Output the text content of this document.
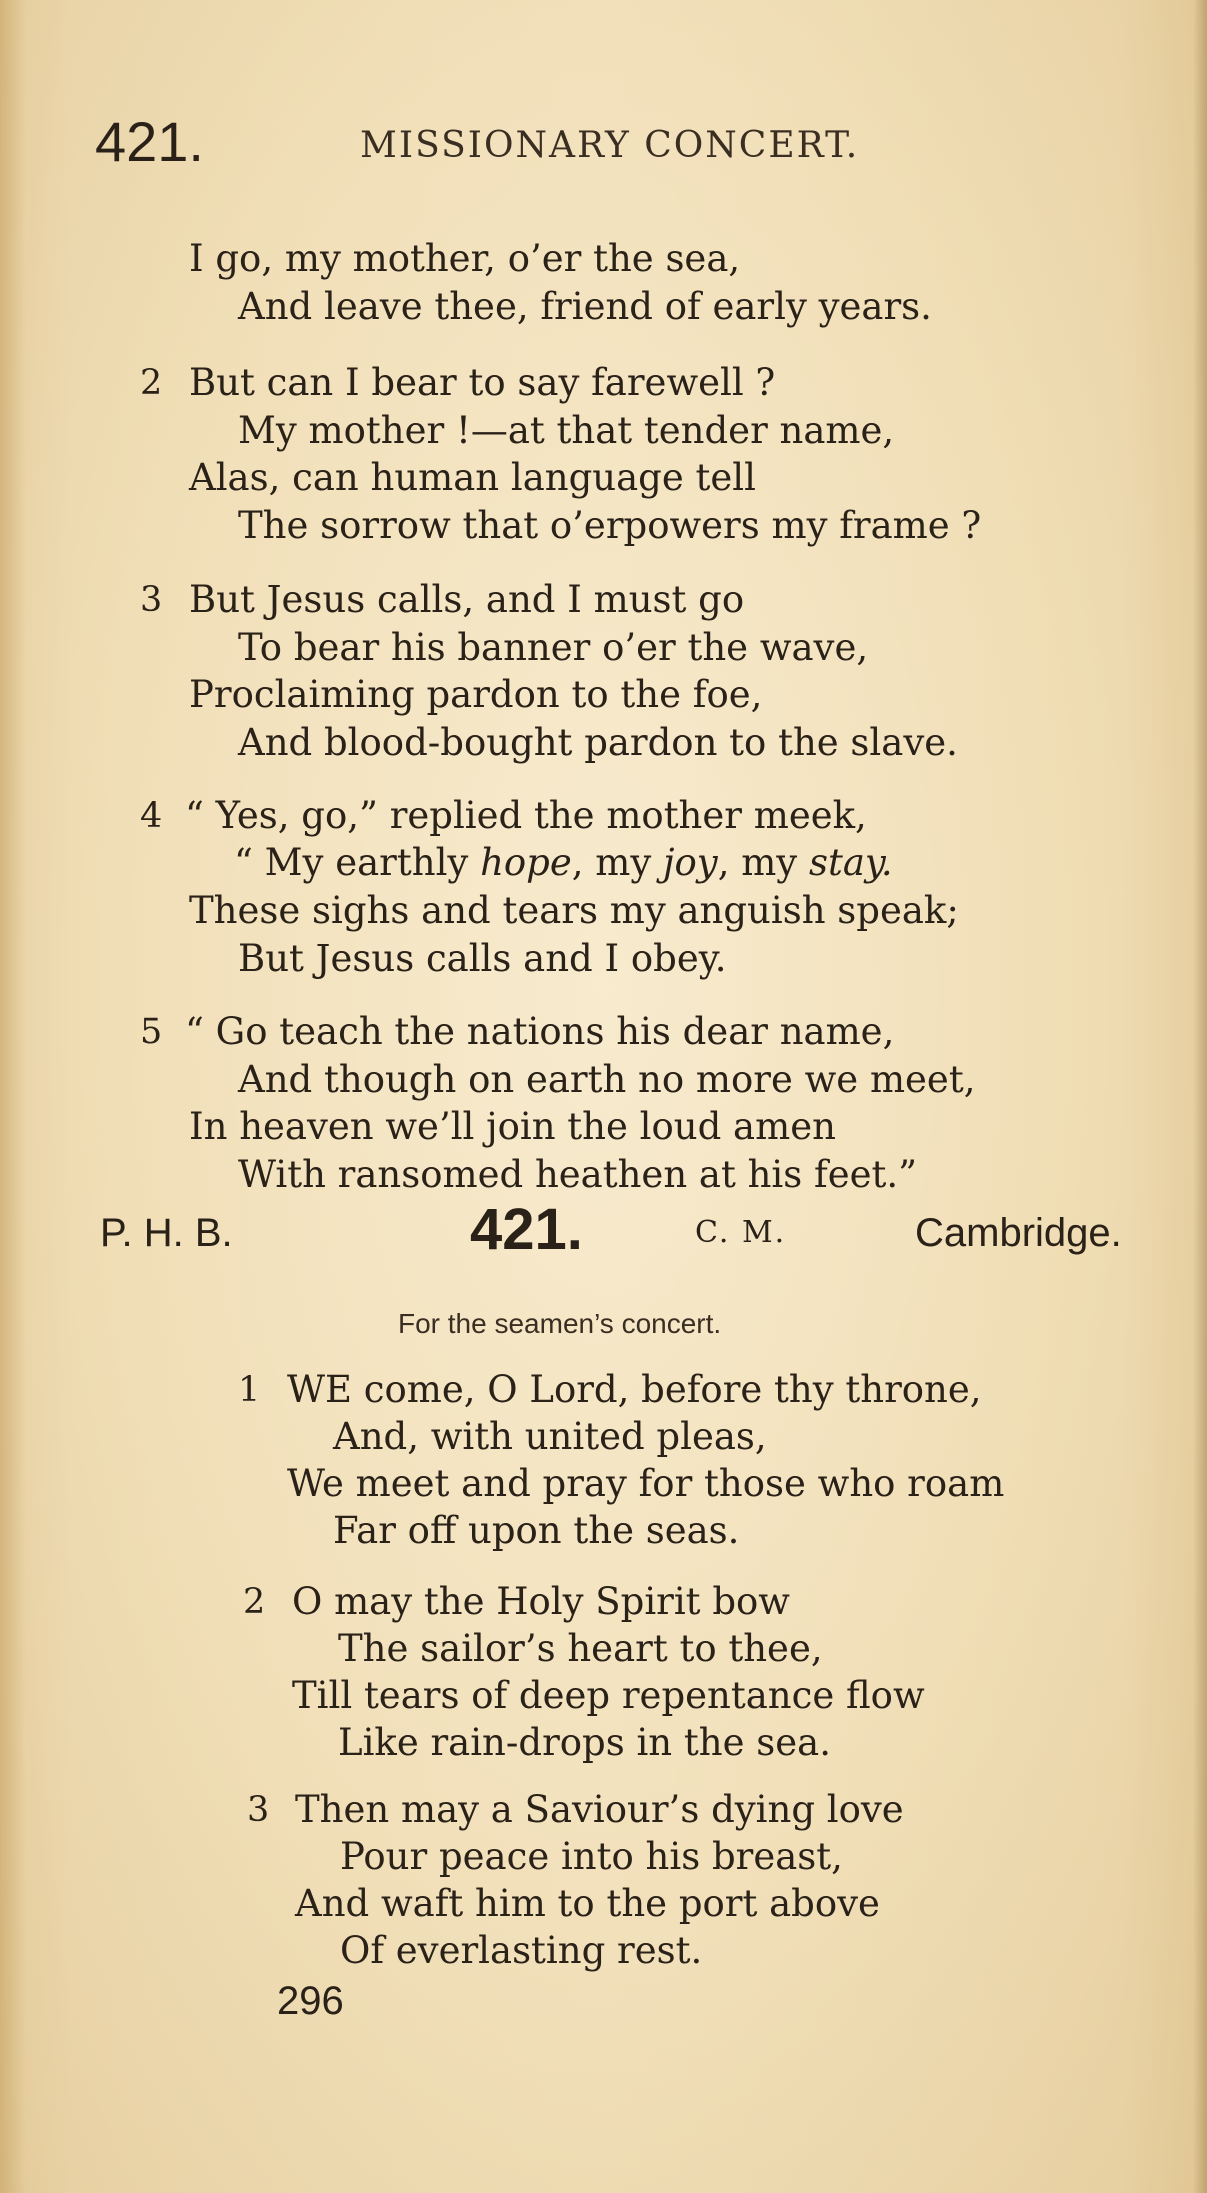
421.	MISSIONARY CONCERT.
I go, my mother, o’er the sea,
And leave thee, friend of early years.
2 But can I bear to say farewell ?
My mother !—at that tender name,
Alas, can human language tell
The sorrow that o’erpowers my frame ?
3 But Jesus calls, and I must go
To bear his banner o’er the wave,
Proclaiming pardon to the foe,
And blood-bought pardon to the slave.
4 “ Yes, go,” replied the mother meek,
“ My earthly hope, my joy, my stay.
These sighs and tears my anguish speak;
But Jesus calls and I obey.
5 “ Go teach the nations his dear name,
And though on earth no more we meet,
In heaven we’ll join the loud amen
With ransomed heathen at his feet.”
P. H. B.	421.	C. M.	Cambridge.
For the seamen’s concert.
1 WE come, O Lord, before thy throne,
And, with united pleas,
We meet and pray for those who roam
Far off upon the seas.
2 O may the Holy Spirit bow
The sailor’s heart to thee,
Till tears of deep repentance flow
Like rain-drops in the sea.
3 Then may a Saviour’s dying love
Pour peace into his breast,
And waft him to the port above
Of everlasting rest.
296
